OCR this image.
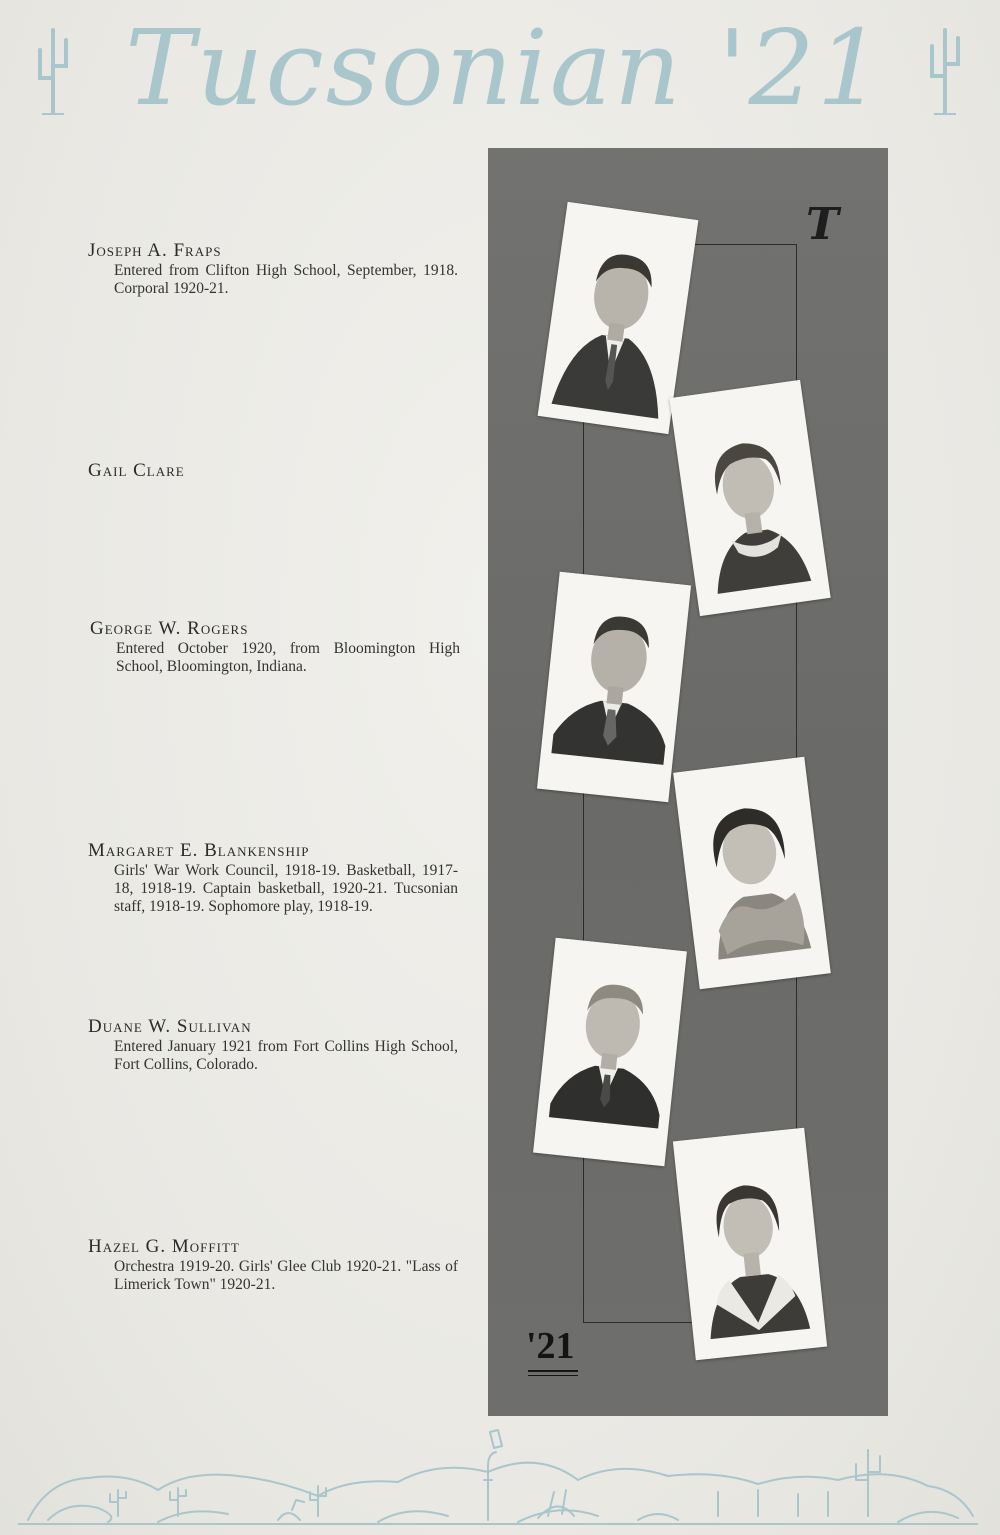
Tucsonian '21
Joseph A. Fraps
Entered from Clifton High School, September, 1918. Corporal 1920-21.
Gail Clare
George W. Rogers
Entered October 1920, from Bloomington High School, Bloomington, Indiana.
Margaret E. Blankenship
Girls' War Work Council, 1918-19. Basketball, 1917-18, 1918-19. Captain basketball, 1920-21. Tucsonian staff, 1918-19. Sophomore play, 1918-19.
Duane W. Sullivan
Entered January 1921 from Fort Collins High School, Fort Collins, Colorado.
Hazel G. Moffitt
Orchestra 1919-20. Girls' Glee Club 1920-21. "Lass of Limerick Town" 1920-21.
T
'21
